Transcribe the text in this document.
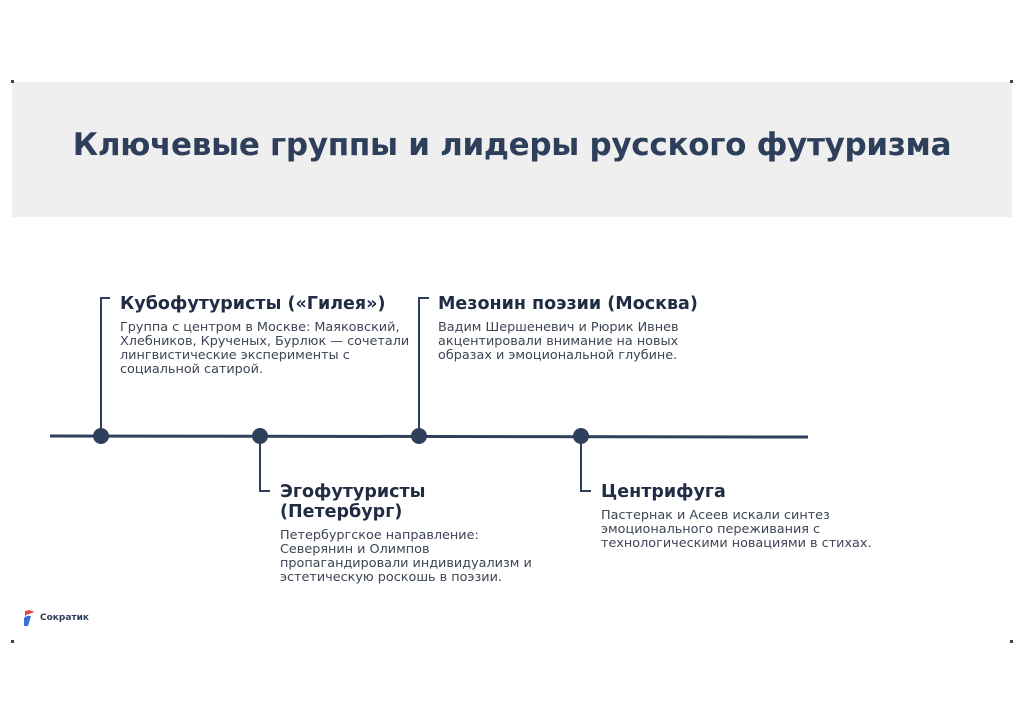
Ключевые группы и лидеры русского футуризма

Кубофутуристы («Гилея»)

Группа с центром в Москве: Маяковский, Хлебников, Крученых, Бурлюк — сочетали лингвистические эксперименты с социальной сатирой.

Эгофутуристы (Петербург)

Петербургское направление: Северянин и Олимпов пропагандировали индивидуализм и эстетическую роскошь в поэзии.

Мезонин поэзии (Москва)

Вадим Шершеневич и Рюрик Ивнев акцентировали внимание на новых образах и эмоциональной глубине.

Центрифуга

Пастернак и Асеев искали синтез эмоционального переживания с технологическими новациями в стихах.

Сократик
